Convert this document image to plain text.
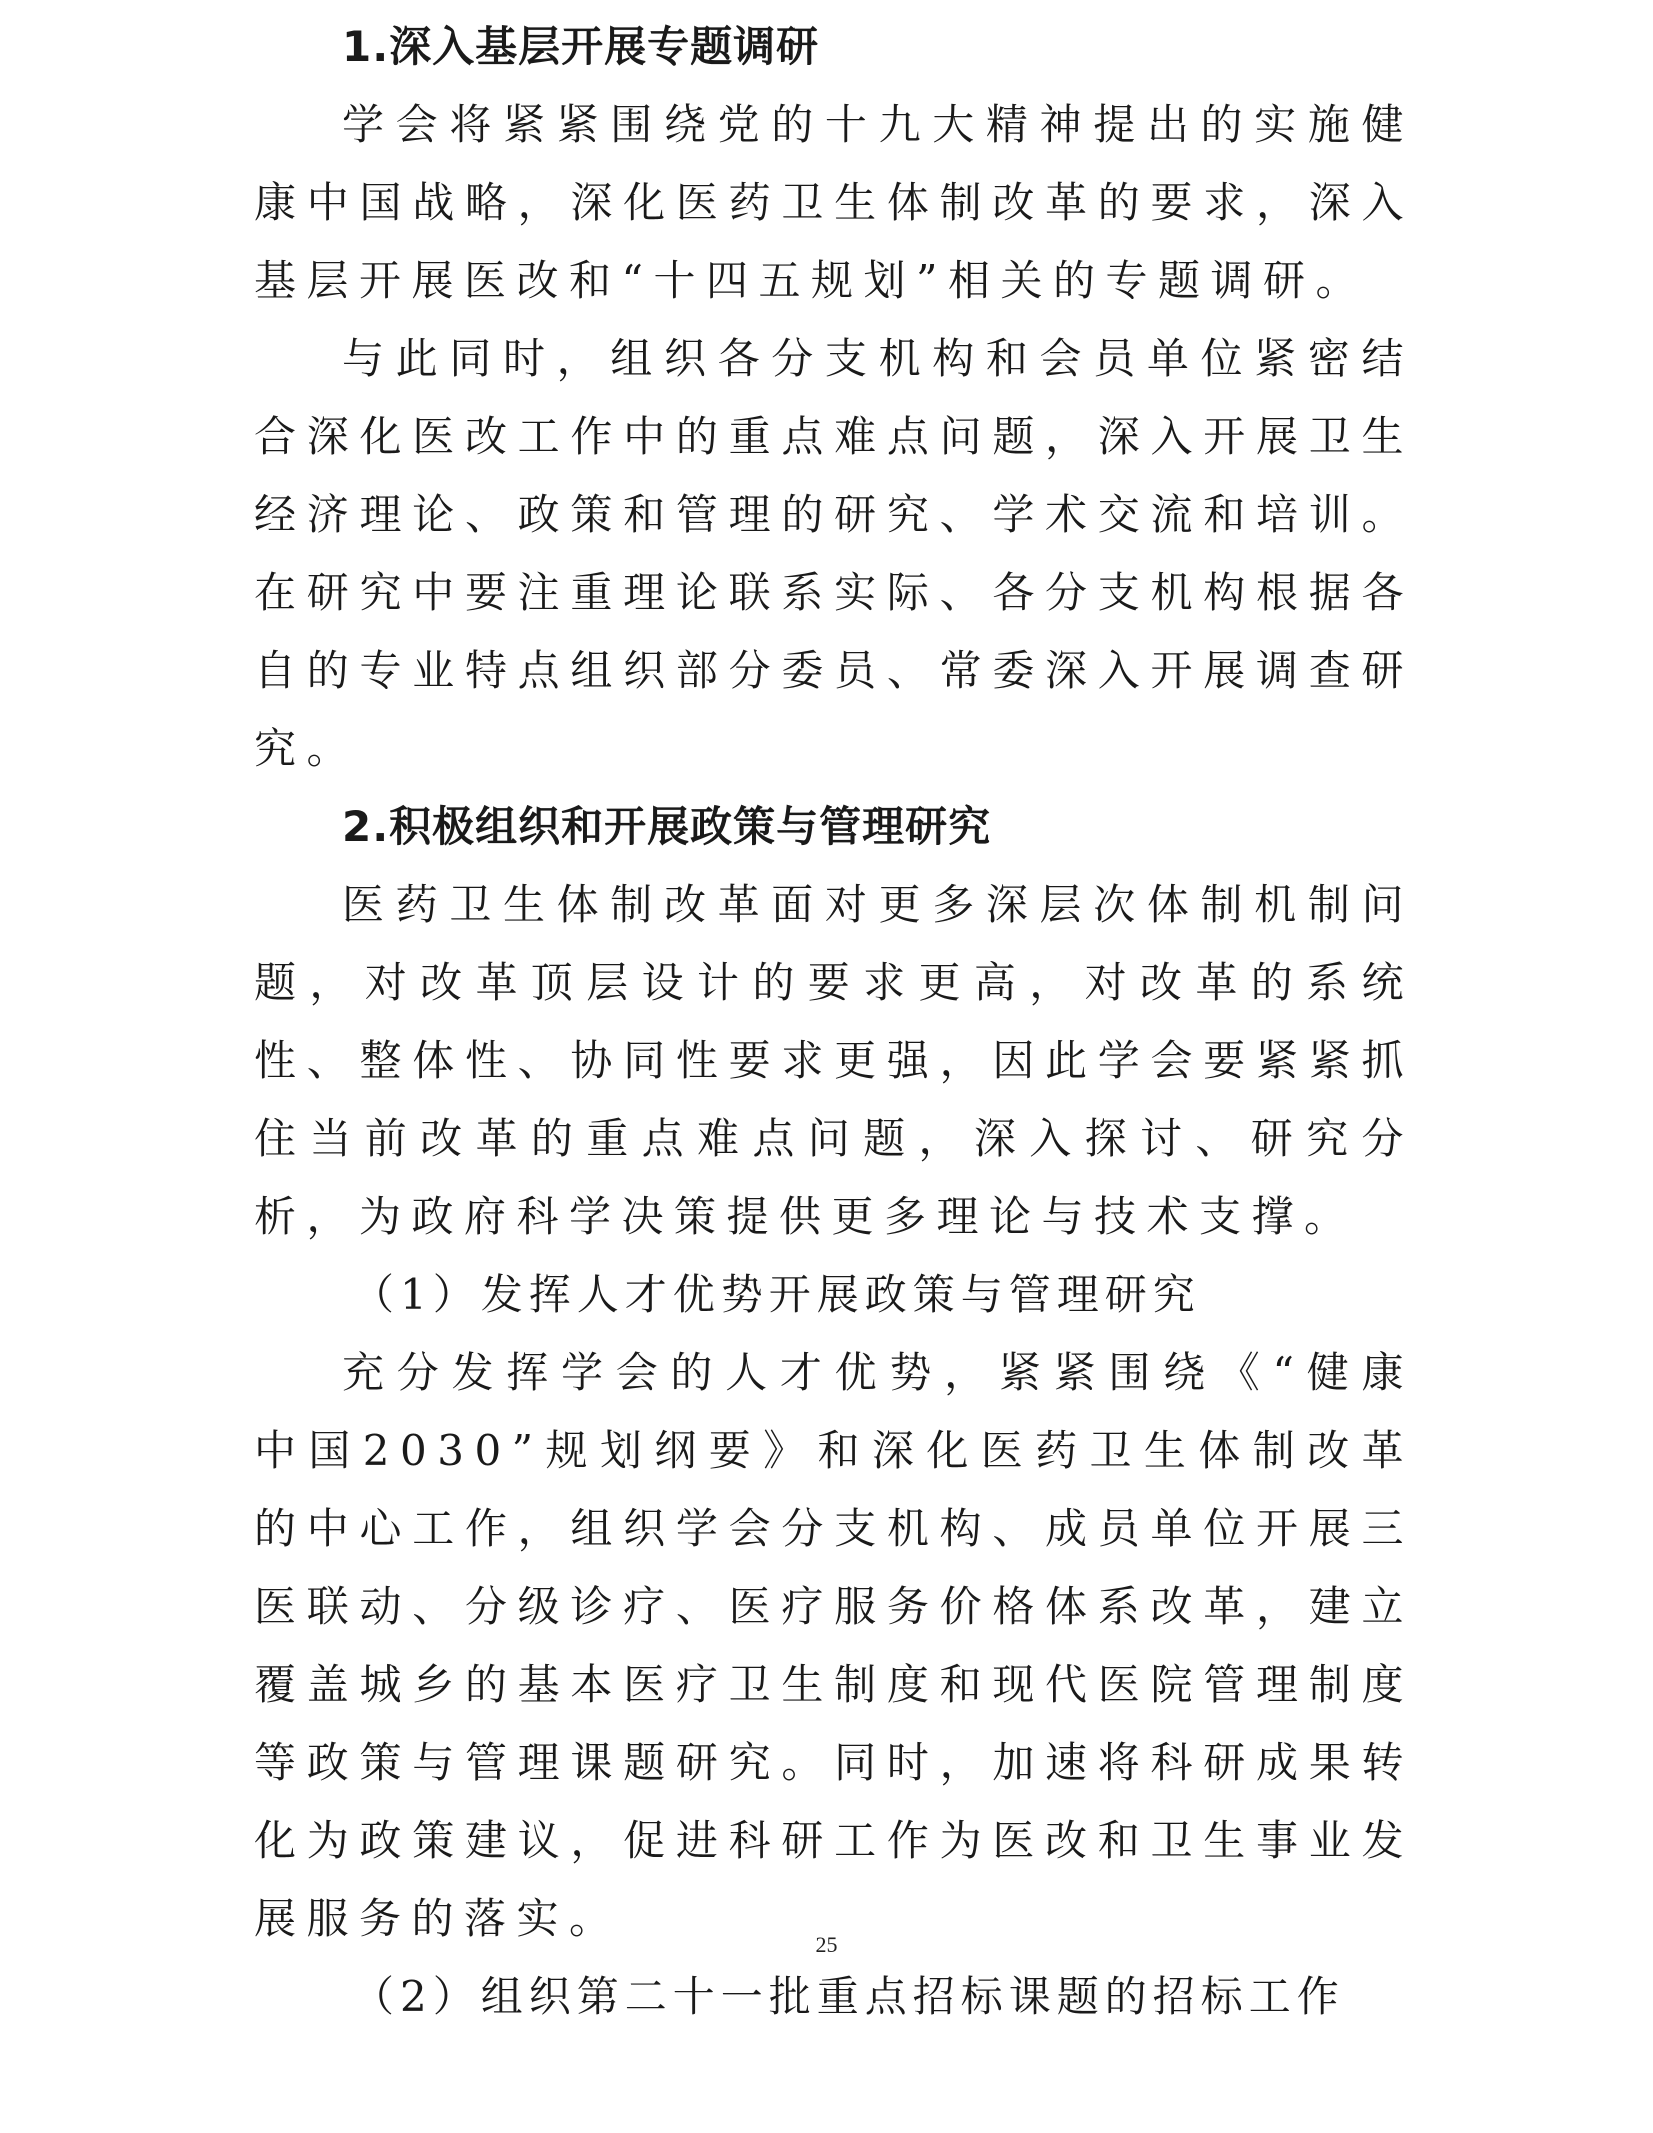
1.深入基层开展专题调研

学会将紧紧围绕党的十九大精神提出的实施健康中国战略，深化医药卫生体制改革的要求，深入基层开展医改和“十四五规划”相关的专题调研。

与此同时，组织各分支机构和会员单位紧密结合深化医改工作中的重点难点问题，深入开展卫生经济理论、政策和管理的研究、学术交流和培训。在研究中要注重理论联系实际、各分支机构根据各自的专业特点组织部分委员、常委深入开展调查研究。

2.积极组织和开展政策与管理研究

医药卫生体制改革面对更多深层次体制机制问题，对改革顶层设计的要求更高，对改革的系统性、整体性、协同性要求更强，因此学会要紧紧抓住当前改革的重点难点问题，深入探讨、研究分析，为政府科学决策提供更多理论与技术支撑。

（1）发挥人才优势开展政策与管理研究

充分发挥学会的人才优势，紧紧围绕《“健康中国2030”规划纲要》和深化医药卫生体制改革的中心工作，组织学会分支机构、成员单位开展三医联动、分级诊疗、医疗服务价格体系改革，建立覆盖城乡的基本医疗卫生制度和现代医院管理制度等政策与管理课题研究。同时，加速将科研成果转化为政策建议，促进科研工作为医改和卫生事业发展服务的落实。

（2）组织第二十一批重点招标课题的招标工作

25
